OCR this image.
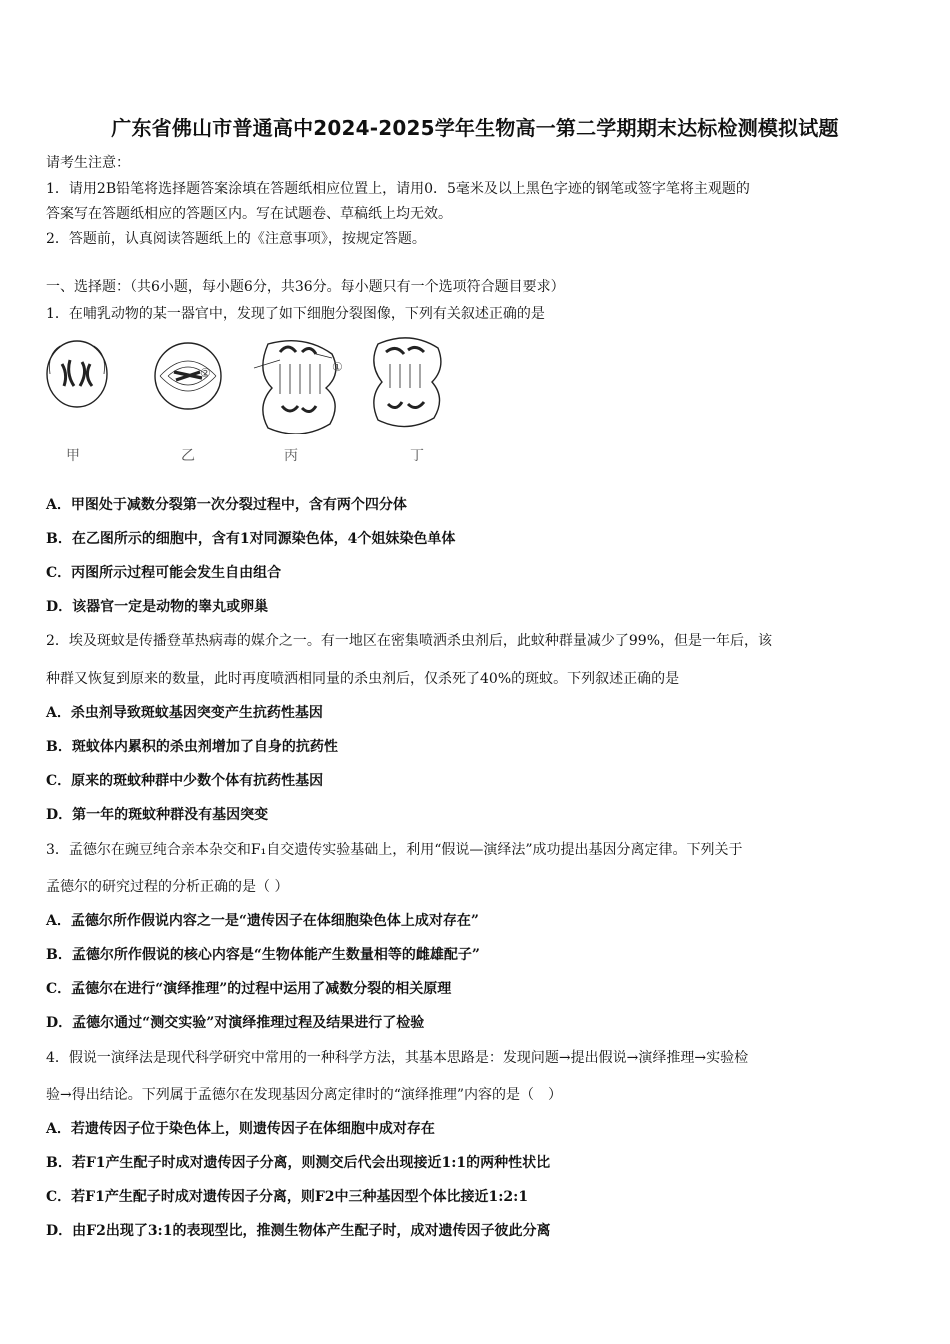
广东省佛山市普通高中2024-2025学年生物高一第二学期期末达标检测模拟试题
请考生注意：
1．请用2B铅笔将选择题答案涂填在答题纸相应位置上，请用0．5毫米及以上黑色字迹的钢笔或签字笔将主观题的
答案写在答题纸相应的答题区内。写在试题卷、草稿纸上均无效。
2．答题前，认真阅读答题纸上的《注意事项》，按规定答题。
一、选择题：（共6小题，每小题6分，共36分。每小题只有一个选项符合题目要求）
1．在哺乳动物的某一器官中，发现了如下细胞分裂图像，下列有关叙述正确的是
②	①
甲	乙	丙	丁
A．甲图处于减数分裂第一次分裂过程中，含有两个四分体
B．在乙图所示的细胞中，含有1对同源染色体，4个姐妹染色单体
C．丙图所示过程可能会发生自由组合
D．该器官一定是动物的睾丸或卵巢
2．埃及斑蚊是传播登革热病毒的媒介之一。有一地区在密集喷洒杀虫剂后，此蚊种群量减少了99%，但是一年后，该
种群又恢复到原来的数量，此时再度喷洒相同量的杀虫剂后，仅杀死了40%的斑蚊。下列叙述正确的是
A．杀虫剂导致斑蚊基因突变产生抗药性基因
B．斑蚊体内累积的杀虫剂增加了自身的抗药性
C．原来的斑蚊种群中少数个体有抗药性基因
D．第一年的斑蚊种群没有基因突变
3．孟德尔在豌豆纯合亲本杂交和F₁自交遗传实验基础上，利用“假说—演绎法”成功提出基因分离定律。下列关于
孟德尔的研究过程的分析正确的是（ ）
A．孟德尔所作假说内容之一是“遗传因子在体细胞染色体上成对存在”
B．孟德尔所作假说的核心内容是“生物体能产生数量相等的雌雄配子”
C．孟德尔在进行“演绎推理”的过程中运用了减数分裂的相关原理
D．孟德尔通过“测交实验”对演绎推理过程及结果进行了检验
4．假说一演绎法是现代科学研究中常用的一种科学方法，其基本思路是：发现问题→提出假说→演绎推理→实验检
验→得出结论。下列属于孟德尔在发现基因分离定律时的“演绎推理”内容的是（　）
A．若遗传因子位于染色体上，则遗传因子在体细胞中成对存在
B．若F1产生配子时成对遗传因子分离，则测交后代会出现接近1:1的两种性状比
C．若F1产生配子时成对遗传因子分离，则F2中三种基因型个体比接近1:2:1
D．由F2出现了3:1的表现型比，推测生物体产生配子时，成对遗传因子彼此分离
